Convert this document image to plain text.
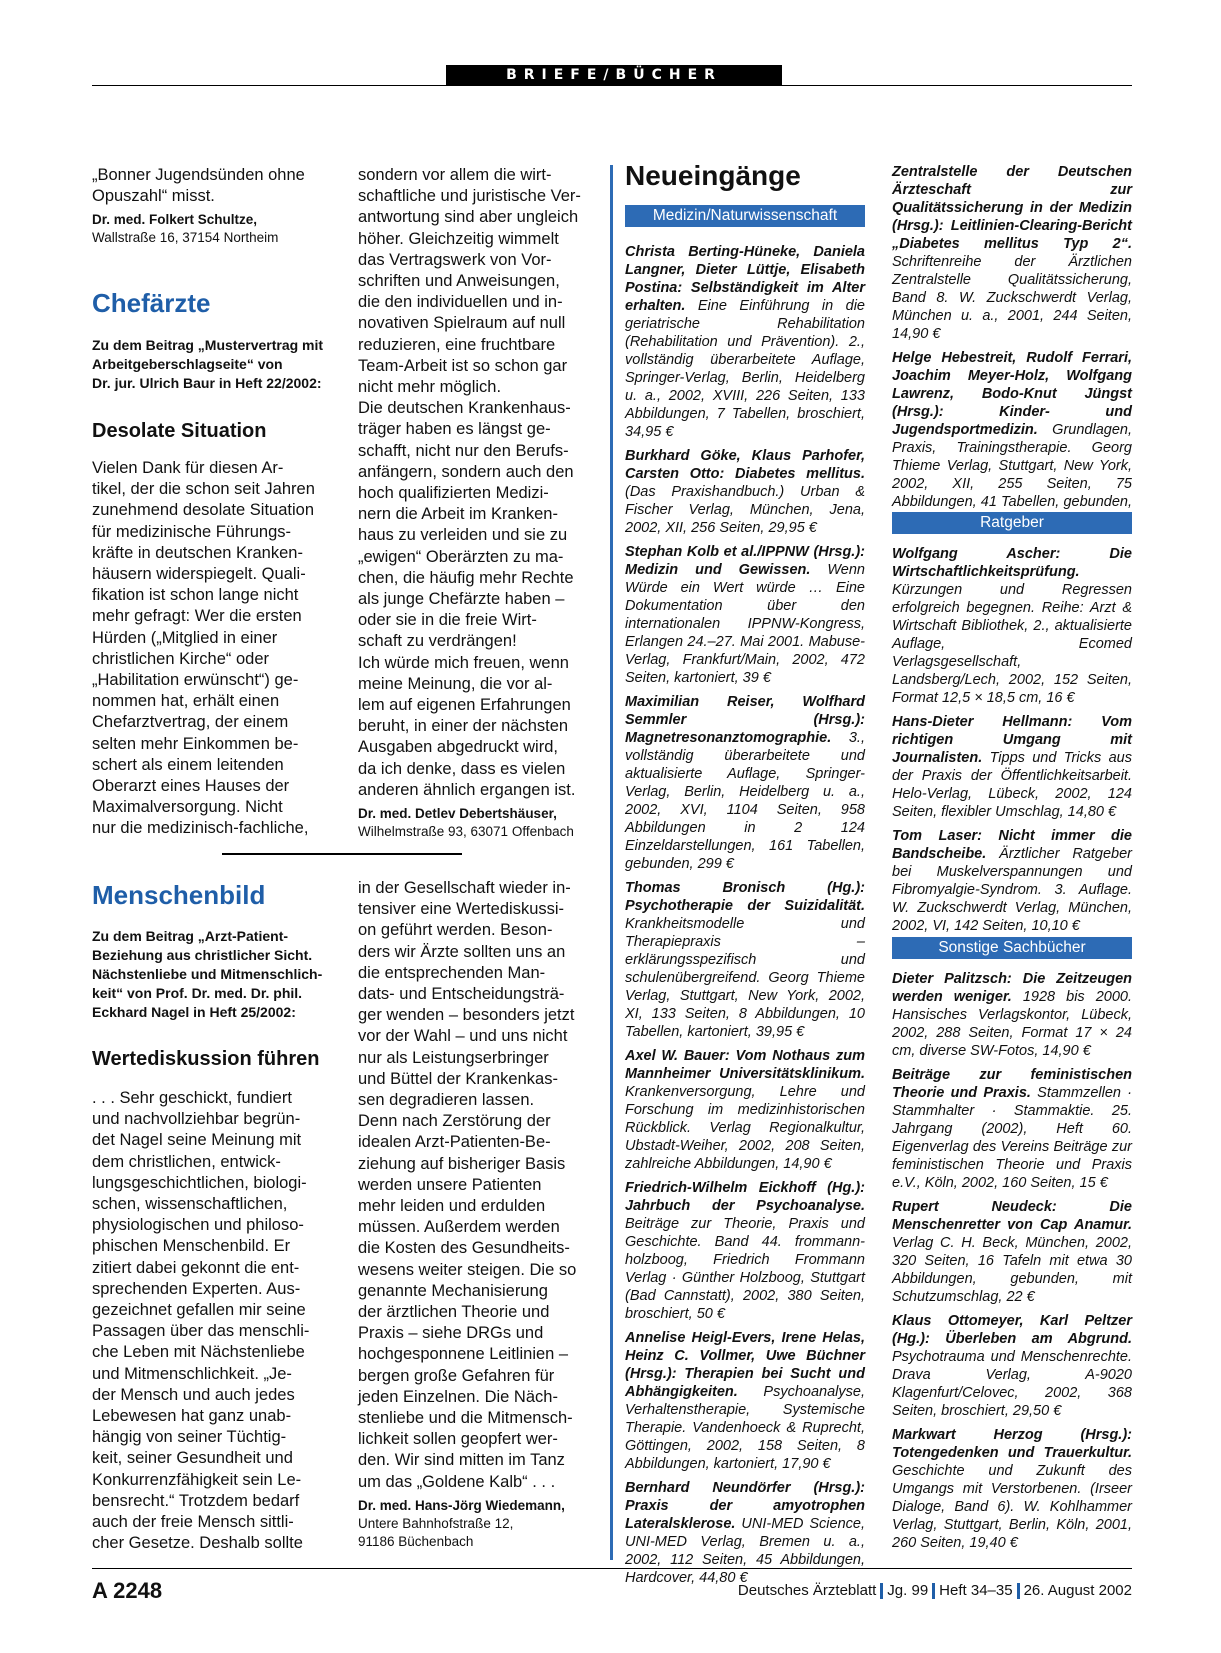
BRIEFE/BÜCHER
„Bonner Jugendsünden ohne
Opuszahl“ misst.
Dr. med. Folkert Schultze,
Wallstraße 16, 37154 Northeim
Chefärzte
Zu dem Beitrag „Mustervertrag mit
Arbeitgeberschlagseite“ von
Dr. jur. Ulrich Baur in Heft 22/2002:
Desolate Situation
Vielen Dank für diesen Ar-
tikel, der die schon seit Jahren
zunehmend desolate Situation
für medizinische Führungs-
kräfte in deutschen Kranken-
häusern widerspiegelt. Quali-
fikation ist schon lange nicht
mehr gefragt: Wer die ersten
Hürden („Mitglied in einer
christlichen Kirche“ oder
„Habilitation erwünscht“) ge-
nommen hat, erhält einen
Chefarztvertrag, der einem
selten mehr Einkommen be-
schert als einem leitenden
Oberarzt eines Hauses der
Maximalversorgung. Nicht
nur die medizinisch-fachliche,
sondern vor allem die wirt-
schaftliche und juristische Ver-
antwortung sind aber ungleich
höher. Gleichzeitig wimmelt
das Vertragswerk von Vor-
schriften und Anweisungen,
die den individuellen und in-
novativen Spielraum auf null
reduzieren, eine fruchtbare
Team-Arbeit ist so schon gar
nicht mehr möglich.
Die deutschen Krankenhaus-
träger haben es längst ge-
schafft, nicht nur den Berufs-
anfängern, sondern auch den
hoch qualifizierten Medizi-
nern die Arbeit im Kranken-
haus zu verleiden und sie zu
„ewigen“ Oberärzten zu ma-
chen, die häufig mehr Rechte
als junge Chefärzte haben –
oder sie in die freie Wirt-
schaft zu verdrängen!
Ich würde mich freuen, wenn
meine Meinung, die vor al-
lem auf eigenen Erfahrungen
beruht, in einer der nächsten
Ausgaben abgedruckt wird,
da ich denke, dass es vielen
anderen ähnlich ergangen ist.
Dr. med. Detlev Debertshäuser,
Wilhelmstraße 93, 63071 Offenbach
Menschenbild
Zu dem Beitrag „Arzt-Patient-
Beziehung aus christlicher Sicht.
Nächstenliebe und Mitmenschlich-
keit“ von Prof. Dr. med. Dr. phil.
Eckhard Nagel in Heft 25/2002:
Wertediskussion führen
. . . Sehr geschickt, fundiert
und nachvollziehbar begrün-
det Nagel seine Meinung mit
dem christlichen, entwick-
lungsgeschichtlichen, biologi-
schen, wissenschaftlichen,
physiologischen und philoso-
phischen Menschenbild. Er
zitiert dabei gekonnt die ent-
sprechenden Experten. Aus-
gezeichnet gefallen mir seine
Passagen über das menschli-
che Leben mit Nächstenliebe
und Mitmenschlichkeit. „Je-
der Mensch und auch jedes
Lebewesen hat ganz unab-
hängig von seiner Tüchtig-
keit, seiner Gesundheit und
Konkurrenzfähigkeit sein Le-
bensrecht.“ Trotzdem bedarf
auch der freie Mensch sittli-
cher Gesetze. Deshalb sollte
in der Gesellschaft wieder in-
tensiver eine Wertediskussi-
on geführt werden. Beson-
ders wir Ärzte sollten uns an
die entsprechenden Man-
dats- und Entscheidungsträ-
ger wenden – besonders jetzt
vor der Wahl – und uns nicht
nur als Leistungserbringer
und Büttel der Krankenkas-
sen degradieren lassen.
Denn nach Zerstörung der
idealen Arzt-Patienten-Be-
ziehung auf bisheriger Basis
werden unsere Patienten
mehr leiden und erdulden
müssen. Außerdem werden
die Kosten des Gesundheits-
wesens weiter steigen. Die so
genannte Mechanisierung
der ärztlichen Theorie und
Praxis – siehe DRGs und
hochgesponnene Leitlinien –
bergen große Gefahren für
jeden Einzelnen. Die Näch-
stenliebe und die Mitmensch-
lichkeit sollen geopfert wer-
den. Wir sind mitten im Tanz
um das „Goldene Kalb“ . . .
Dr. med. Hans-Jörg Wiedemann,
Untere Bahnhofstraße 12,
91186 Büchenbach
Neueingänge
Medizin/Naturwissenschaft
Christa Berting-Hüneke, Daniela Langner, Dieter Lüttje, Elisabeth Postina: Selbständigkeit im Alter erhalten. Eine Einführung in die geriatrische Rehabilitation (Rehabilitation und Prävention). 2., vollständig überarbeitete Auflage, Springer-Verlag, Berlin, Heidelberg u. a., 2002, XVIII, 226 Seiten, 133 Abbildungen, 7 Tabellen, broschiert, 34,95 €
Burkhard Göke, Klaus Parhofer, Carsten Otto: Diabetes mellitus. (Das Praxishandbuch.) Urban & Fischer Verlag, München, Jena, 2002, XII, 256 Seiten, 29,95 €
Stephan Kolb et al./IPPNW (Hrsg.): Medizin und Gewissen. Wenn Würde ein Wert würde … Eine Dokumentation über den internationalen IPPNW-Kongress, Erlangen 24.–27. Mai 2001. Mabuse-Verlag, Frankfurt/Main, 2002, 472 Seiten, kartoniert, 39 €
Maximilian Reiser, Wolfhard Semmler (Hrsg.): Magnetresonanztomographie. 3., vollständig überarbeitete und aktualisierte Auflage, Springer-Verlag, Berlin, Heidelberg u. a., 2002, XVI, 1104 Seiten, 958 Abbildungen in 2 124 Einzeldarstellungen, 161 Tabellen, gebunden, 299 €
Thomas Bronisch (Hg.): Psychotherapie der Suizidalität. Krankheitsmodelle und Therapiepraxis – erklärungsspezifisch und schulenübergreifend. Georg Thieme Verlag, Stuttgart, New York, 2002, XI, 133 Seiten, 8 Abbildungen, 10 Tabellen, kartoniert, 39,95 €
Axel W. Bauer: Vom Nothaus zum Mannheimer Universitätsklinikum. Krankenversorgung, Lehre und Forschung im medizinhistorischen Rückblick. Verlag Regionalkultur, Ubstadt-Weiher, 2002, 208 Seiten, zahlreiche Abbildungen, 14,90 €
Friedrich-Wilhelm Eickhoff (Hg.): Jahrbuch der Psychoanalyse. Beiträge zur Theorie, Praxis und Geschichte. Band 44. frommann-holzboog, Friedrich Frommann Verlag · Günther Holzboog, Stuttgart (Bad Cannstatt), 2002, 380 Seiten, broschiert, 50 €
Annelise Heigl-Evers, Irene Helas, Heinz C. Vollmer, Uwe Büchner (Hrsg.): Therapien bei Sucht und Abhängigkeiten. Psychoanalyse, Verhaltenstherapie, Systemische Therapie. Vandenhoeck & Ruprecht, Göttingen, 2002, 158 Seiten, 8 Abbildungen, kartoniert, 17,90 €
Bernhard Neundörfer (Hrsg.): Praxis der amyotrophen Lateralsklerose. UNI-MED Science, UNI-MED Verlag, Bremen u. a., 2002, 112 Seiten, 45 Abbildungen, Hardcover, 44,80 €
Zentralstelle der Deutschen Ärzteschaft zur Qualitätssicherung in der Medizin (Hrsg.): Leitlinien-Clearing-Bericht „Diabetes mellitus Typ 2“. Schriftenreihe der Ärztlichen Zentralstelle Qualitätssicherung, Band 8. W. Zuckschwerdt Verlag, München u. a., 2001, 244 Seiten, 14,90 €
Helge Hebestreit, Rudolf Ferrari, Joachim Meyer-Holz, Wolfgang Lawrenz, Bodo-Knut Jüngst (Hrsg.): Kinder- und Jugendsportmedizin. Grundlagen, Praxis, Trainingstherapie. Georg Thieme Verlag, Stuttgart, New York, 2002, XII, 255 Seiten, 75 Abbildungen, 41 Tabellen, gebunden,
Ratgeber
Wolfgang Ascher: Die Wirtschaftlichkeitsprüfung. Kürzungen und Regressen erfolgreich begegnen. Reihe: Arzt & Wirtschaft Bibliothek, 2., aktualisierte Auflage, Ecomed Verlagsgesellschaft, Landsberg/Lech, 2002, 152 Seiten, Format 12,5 × 18,5 cm, 16 €
Hans-Dieter Hellmann: Vom richtigen Umgang mit Journalisten. Tipps und Tricks aus der Praxis der Öffentlichkeitsarbeit. Helo-Verlag, Lübeck, 2002, 124 Seiten, flexibler Umschlag, 14,80 €
Tom Laser: Nicht immer die Bandscheibe. Ärztlicher Ratgeber bei Muskelverspannungen und Fibromyalgie-Syndrom. 3. Auflage. W. Zuckschwerdt Verlag, München, 2002, VI, 142 Seiten, 10,10 €
Sonstige Sachbücher
Dieter Palitzsch: Die Zeitzeugen werden weniger. 1928 bis 2000. Hansisches Verlagskontor, Lübeck, 2002, 288 Seiten, Format 17 × 24 cm, diverse SW-Fotos, 14,90 €
Beiträge zur feministischen Theorie und Praxis. Stammzellen · Stammhalter · Stammaktie. 25. Jahrgang (2002), Heft 60. Eigenverlag des Vereins Beiträge zur feministischen Theorie und Praxis e.V., Köln, 2002, 160 Seiten, 15 €
Rupert Neudeck: Die Menschenretter von Cap Anamur. Verlag C. H. Beck, München, 2002, 320 Seiten, 16 Tafeln mit etwa 30 Abbildungen, gebunden, mit Schutzumschlag, 22 €
Klaus Ottomeyer, Karl Peltzer (Hg.): Überleben am Abgrund. Psychotrauma und Menschenrechte. Drava Verlag, A-9020 Klagenfurt/Celovec, 2002, 368 Seiten, broschiert, 29,50 €
Markwart Herzog (Hrsg.): Totengedenken und Trauerkultur. Geschichte und Zukunft des Umgangs mit Verstorbenen. (Irseer Dialoge, Band 6). W. Kohlhammer Verlag, Stuttgart, Berlin, Köln, 2001, 260 Seiten, 19,40 €
A 2248	Deutsches Ärzteblatt Jg. 99 Heft 34–35 26. August 2002
